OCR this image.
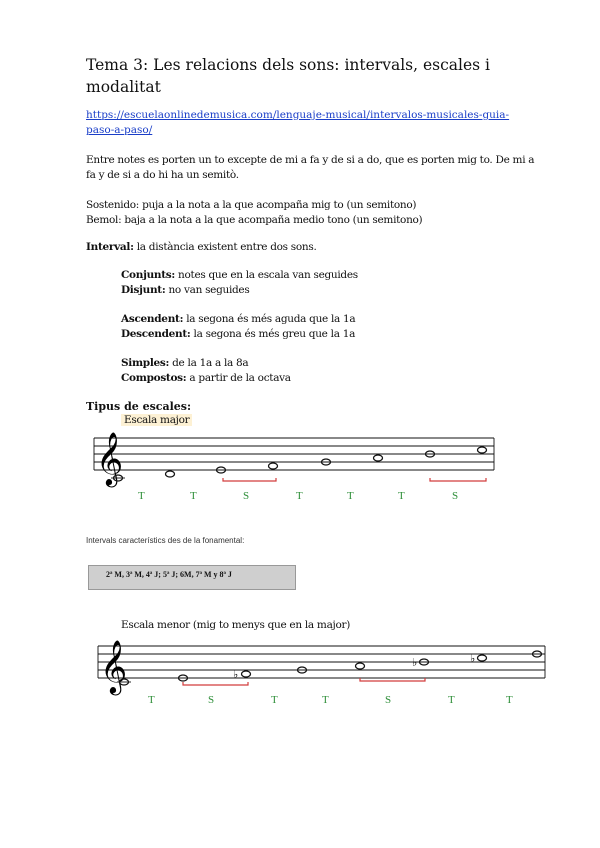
Tema 3: Les relacions dels sons: intervals, escales i modalitat
https://escuelaonlinedemusica.com/lenguaje-musical/intervalos-musicales-guia-paso-a-paso/
Entre notes es porten un to excepte de mi a fa y de si a do, que es porten mig to. De mi a fa y de si a do hi ha un semitò.
Sostenido: puja a la nota a la que acompaña mig to (un semitono)
Bemol: baja a la nota a la que acompaña medio tono (un semitono)
Interval: la distància existent entre dos sons.
Conjunts: notes que en la escala van seguides
Disjunt: no van seguides
Ascendent: la segona és més aguda que la 1a
Descendent: la segona és més greu que la 1a
Simples: de la 1a a la 8a
Compostos: a partir de la octava
Tipus de escales:
Escala major
𝄞
T	T	S	T	T	T	S
Intervals característics des de la fonamental:
2ª M, 3ª M, 4ª J; 5ª J; 6M, 7ª M y 8ª J
Escala menor (mig to menys que en la major)
𝄞	♭
♭	♭
T	S	T	T	S	T	T
